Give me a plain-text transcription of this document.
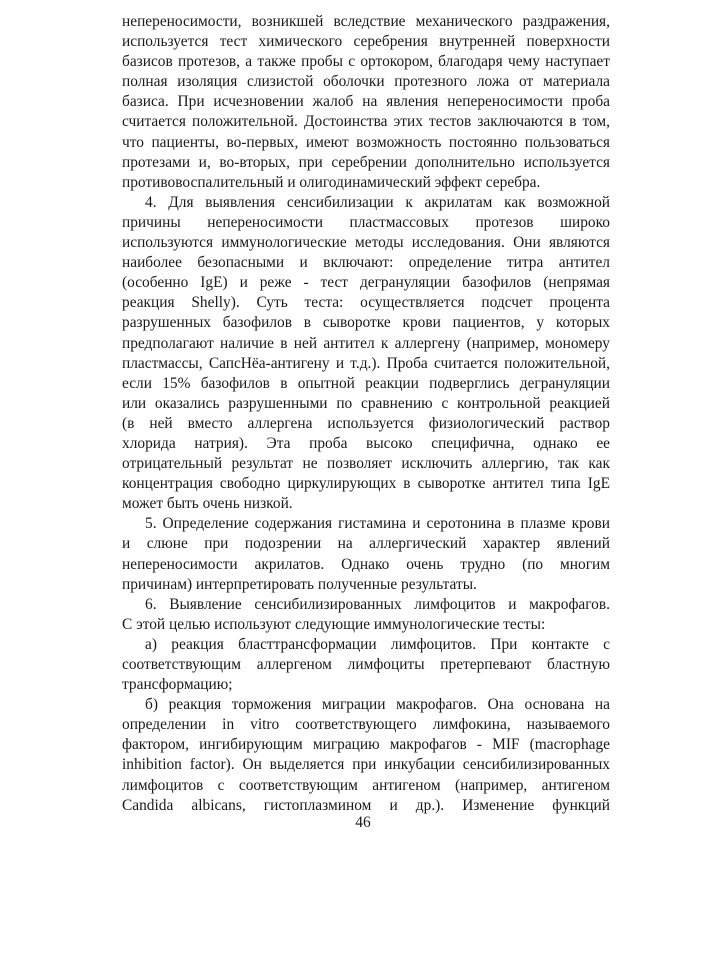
непереносимости, возникшей вследствие механического раздражения,
используется тест химического серебрения внутренней поверхности
базисов протезов, а также пробы с ортокором, благодаря чему наступает
полная изоляция слизистой оболочки протезного ложа от материала
базиса. При исчезновении жалоб на явления непереносимости проба
считается положительной. Достоинства этих тестов заключаются в том,
что пациенты, во-первых, имеют возможность постоянно пользоваться
протезами и, во-вторых, при серебрении дополнительно используется
противовоспалительный и олигодинамический эффект серебра.
4. Для выявления сенсибилизации к акрилатам как возможной
причины непереносимости пластмассовых протезов широко
используются иммунологические методы исследования. Они являются
наиболее безопасными и включают: определение титра антител
(особенно IgE) и реже - тест дегрануляции базофилов (непрямая
реакция Shelly). Суть теста: осуществляется подсчет процента
разрушенных базофилов в сыворотке крови пациентов, у которых
предполагают наличие в ней антител к аллергену (например, мономеру
пластмассы, СапсНёа-антигену и т.д.). Проба считается положительной,
если 15% базофилов в опытной реакции подверглись дегрануляции
или оказались разрушенными по сравнению с контрольной реакцией
(в ней вместо аллергена используется физиологический раствор
хлорида натрия). Эта проба высоко специфична, однако ее
отрицательный результат не позволяет исключить аллергию, так как
концентрация свободно циркулирующих в сыворотке антител типа IgE
может быть очень низкой.
5. Определение содержания гистамина и серотонина в плазме крови
и слюне при подозрении на аллергический характер явлений
непереносимости акрилатов. Однако очень трудно (по многим
причинам) интерпретировать полученные результаты.
6. Выявление сенсибилизированных лимфоцитов и макрофагов.
С этой целью используют следующие иммунологические тесты:
а) реакция бласттрансформации лимфоцитов. При контакте с
соответствующим аллергеном лимфоциты претерпевают бластную
трансформацию;
б) реакция торможения миграции макрофагов. Она основана на
определении in vitro соответствующего лимфокина, называемого
фактором, ингибирующим миграцию макрофагов - MIF (macrophage
inhibition factor). Он выделяется при инкубации сенсибилизированных
лимфоцитов с соответствующим антигеном (например, антигеном
Candida albicans, гистоплазмином и др.). Изменение функций
46
